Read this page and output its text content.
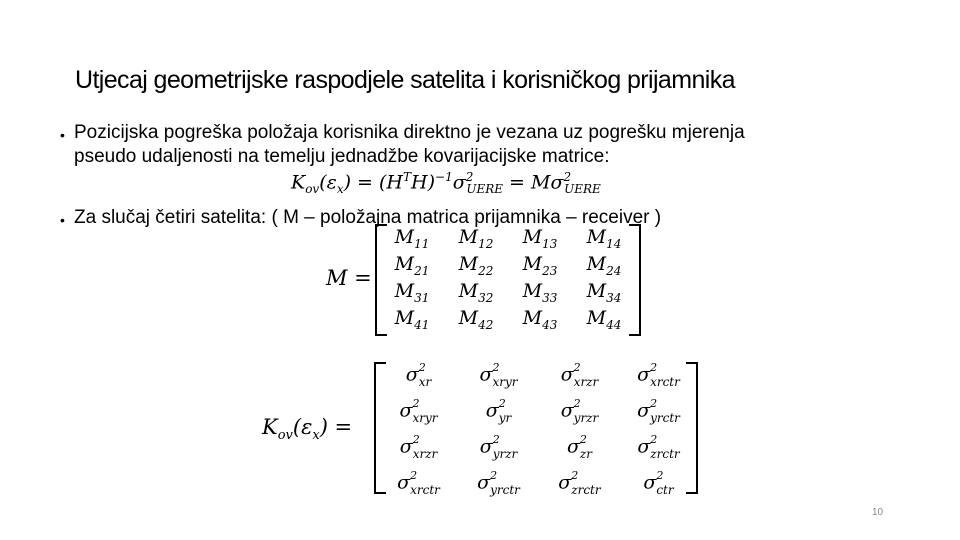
Utjecaj geometrijske raspodjele satelita i korisničkog prijamnika
• Pozicijska pogreška položaja korisnika direktno je vezana uz pogrešku mjerenja
pseudo udaljenosti na temelju jednadžbe kovarijacijske matrice:
$K_{ov}(\varepsilon_x) = (H^TH)^{-1}\sigma^2_{UERE} = M\sigma^2_{UERE}$
• Za slučaj četiri satelita: ( M – položajna matrica prijamnika – receiver )
M =
$M_{11}$	$M_{12}$	$M_{13}$	$M_{14}$
$M_{21}$	$M_{22}$	$M_{23}$	$M_{24}$
$M_{31}$	$M_{32}$	$M_{33}$	$M_{34}$
$M_{41}$	$M_{42}$	$M_{43}$	$M_{44}$
$K_{ov}(\varepsilon_x)$ =
$\sigma^2_{xr}$	$\sigma^2_{xryr}$	$\sigma^2_{xrzr}$	$\sigma^2_{xrctr}$
$\sigma^2_{xryr}$	$\sigma^2_{yr}$	$\sigma^2_{yrzr}$	$\sigma^2_{yrctr}$
$\sigma^2_{xrzr}$	$\sigma^2_{yrzr}$	$\sigma^2_{zr}$	$\sigma^2_{zrctr}$
$\sigma^2_{xrctr}$	$\sigma^2_{yrctr}$	$\sigma^2_{zrctr}$	$\sigma^2_{ctr}$
10
